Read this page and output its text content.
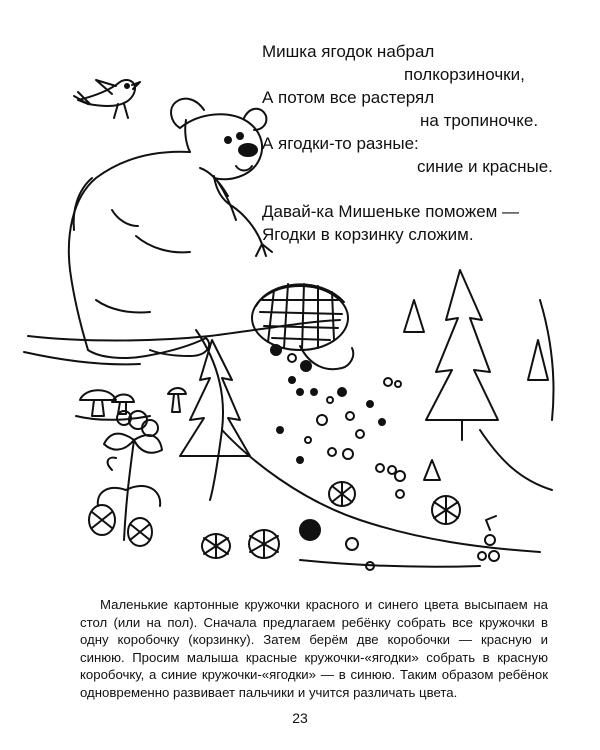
Мишка ягодок набрал
полкорзиночки,
А потом все растерял
на тропиночке.
А ягодки-то разные:
синие и красные.
Давай-ка Мишеньке поможем —
Ягодки в корзинку сложим.

Маленькие картонные кружочки красного и синего цвета высыпаем на стол (или на пол). Сначала предлагаем ребёнку собрать все кружочки в одну коробочку (корзинку). Затем берём две коробочки — красную и синюю. Просим малыша красные кружочки-«ягодки» собрать в красную коробочку, а синие кружочки-«ягодки» — в синюю. Таким образом ребёнок одновременно развивает пальчики и учится различать цвета.

23
